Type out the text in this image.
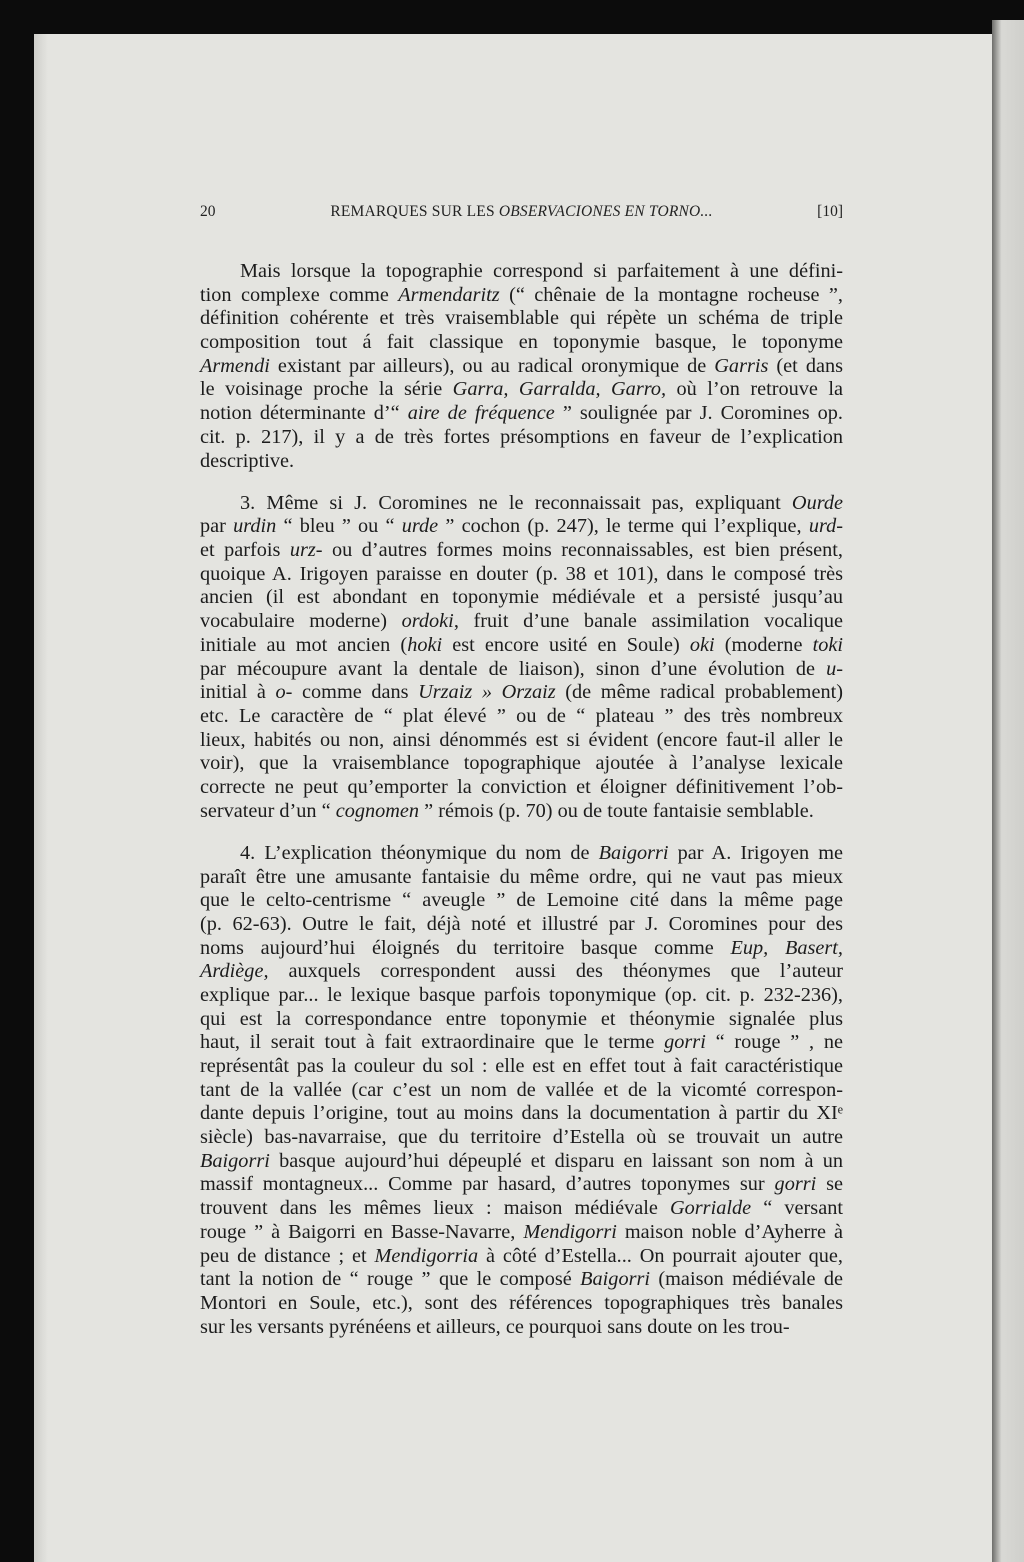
20	REMARQUES SUR LES OBSERVACIONES EN TORNO...	[10]
Mais lorsque la topographie correspond si parfaitement à une défini-
tion complexe comme Armendaritz (“ chênaie de la montagne rocheuse ”,
définition cohérente et très vraisemblable qui répète un schéma de triple
composition tout á fait classique en toponymie basque, le toponyme
Armendi existant par ailleurs), ou au radical oronymique de Garris (et dans
le voisinage proche la série Garra, Garralda, Garro, où l’on retrouve la
notion déterminante d’“ aire de fréquence ” soulignée par J. Coromines op.
cit. p. 217), il y a de très fortes présomptions en faveur de l’explication
descriptive.
3. Même si J. Coromines ne le reconnaissait pas, expliquant Ourde
par urdin “ bleu ” ou “ urde ” cochon (p. 247), le terme qui l’explique, urd-
et parfois urz- ou d’autres formes moins reconnaissables, est bien présent,
quoique A. Irigoyen paraisse en douter (p. 38 et 101), dans le composé très
ancien (il est abondant en toponymie médiévale et a persisté jusqu’au
vocabulaire moderne) ordoki, fruit d’une banale assimilation vocalique
initiale au mot ancien (hoki est encore usité en Soule) oki (moderne toki
par mécoupure avant la dentale de liaison), sinon d’une évolution de u-
initial à o- comme dans Urzaiz » Orzaiz (de même radical probablement)
etc. Le caractère de “ plat élevé ” ou de “ plateau ” des très nombreux
lieux, habités ou non, ainsi dénommés est si évident (encore faut-il aller le
voir), que la vraisemblance topographique ajoutée à l’analyse lexicale
correcte ne peut qu’emporter la conviction et éloigner définitivement l’ob-
servateur d’un “ cognomen ” rémois (p. 70) ou de toute fantaisie semblable.
4. L’explication théonymique du nom de Baigorri par A. Irigoyen me
paraît être une amusante fantaisie du même ordre, qui ne vaut pas mieux
que le celto-centrisme “ aveugle ” de Lemoine cité dans la même page
(p. 62-63). Outre le fait, déjà noté et illustré par J. Coromines pour des
noms aujourd’hui éloignés du territoire basque comme Eup, Basert,
Ardiège, auxquels correspondent aussi des théonymes que l’auteur
explique par... le lexique basque parfois toponymique (op. cit. p. 232-236),
qui est la correspondance entre toponymie et théonymie signalée plus
haut, il serait tout à fait extraordinaire que le terme gorri “ rouge ” , ne
représentât pas la couleur du sol : elle est en effet tout à fait caractéristique
tant de la vallée (car c’est un nom de vallée et de la vicomté correspon-
dante depuis l’origine, tout au moins dans la documentation à partir du XIᵉ
siècle) bas-navarraise, que du territoire d’Estella où se trouvait un autre
Baigorri basque aujourd’hui dépeuplé et disparu en laissant son nom à un
massif montagneux... Comme par hasard, d’autres toponymes sur gorri se
trouvent dans les mêmes lieux : maison médiévale Gorrialde “ versant
rouge ” à Baigorri en Basse-Navarre, Mendigorri maison noble d’Ayherre à
peu de distance ; et Mendigorria à côté d’Estella... On pourrait ajouter que,
tant la notion de “ rouge ” que le composé Baigorri (maison médiévale de
Montori en Soule, etc.), sont des références topographiques très banales
sur les versants pyrénéens et ailleurs, ce pourquoi sans doute on les trou-
